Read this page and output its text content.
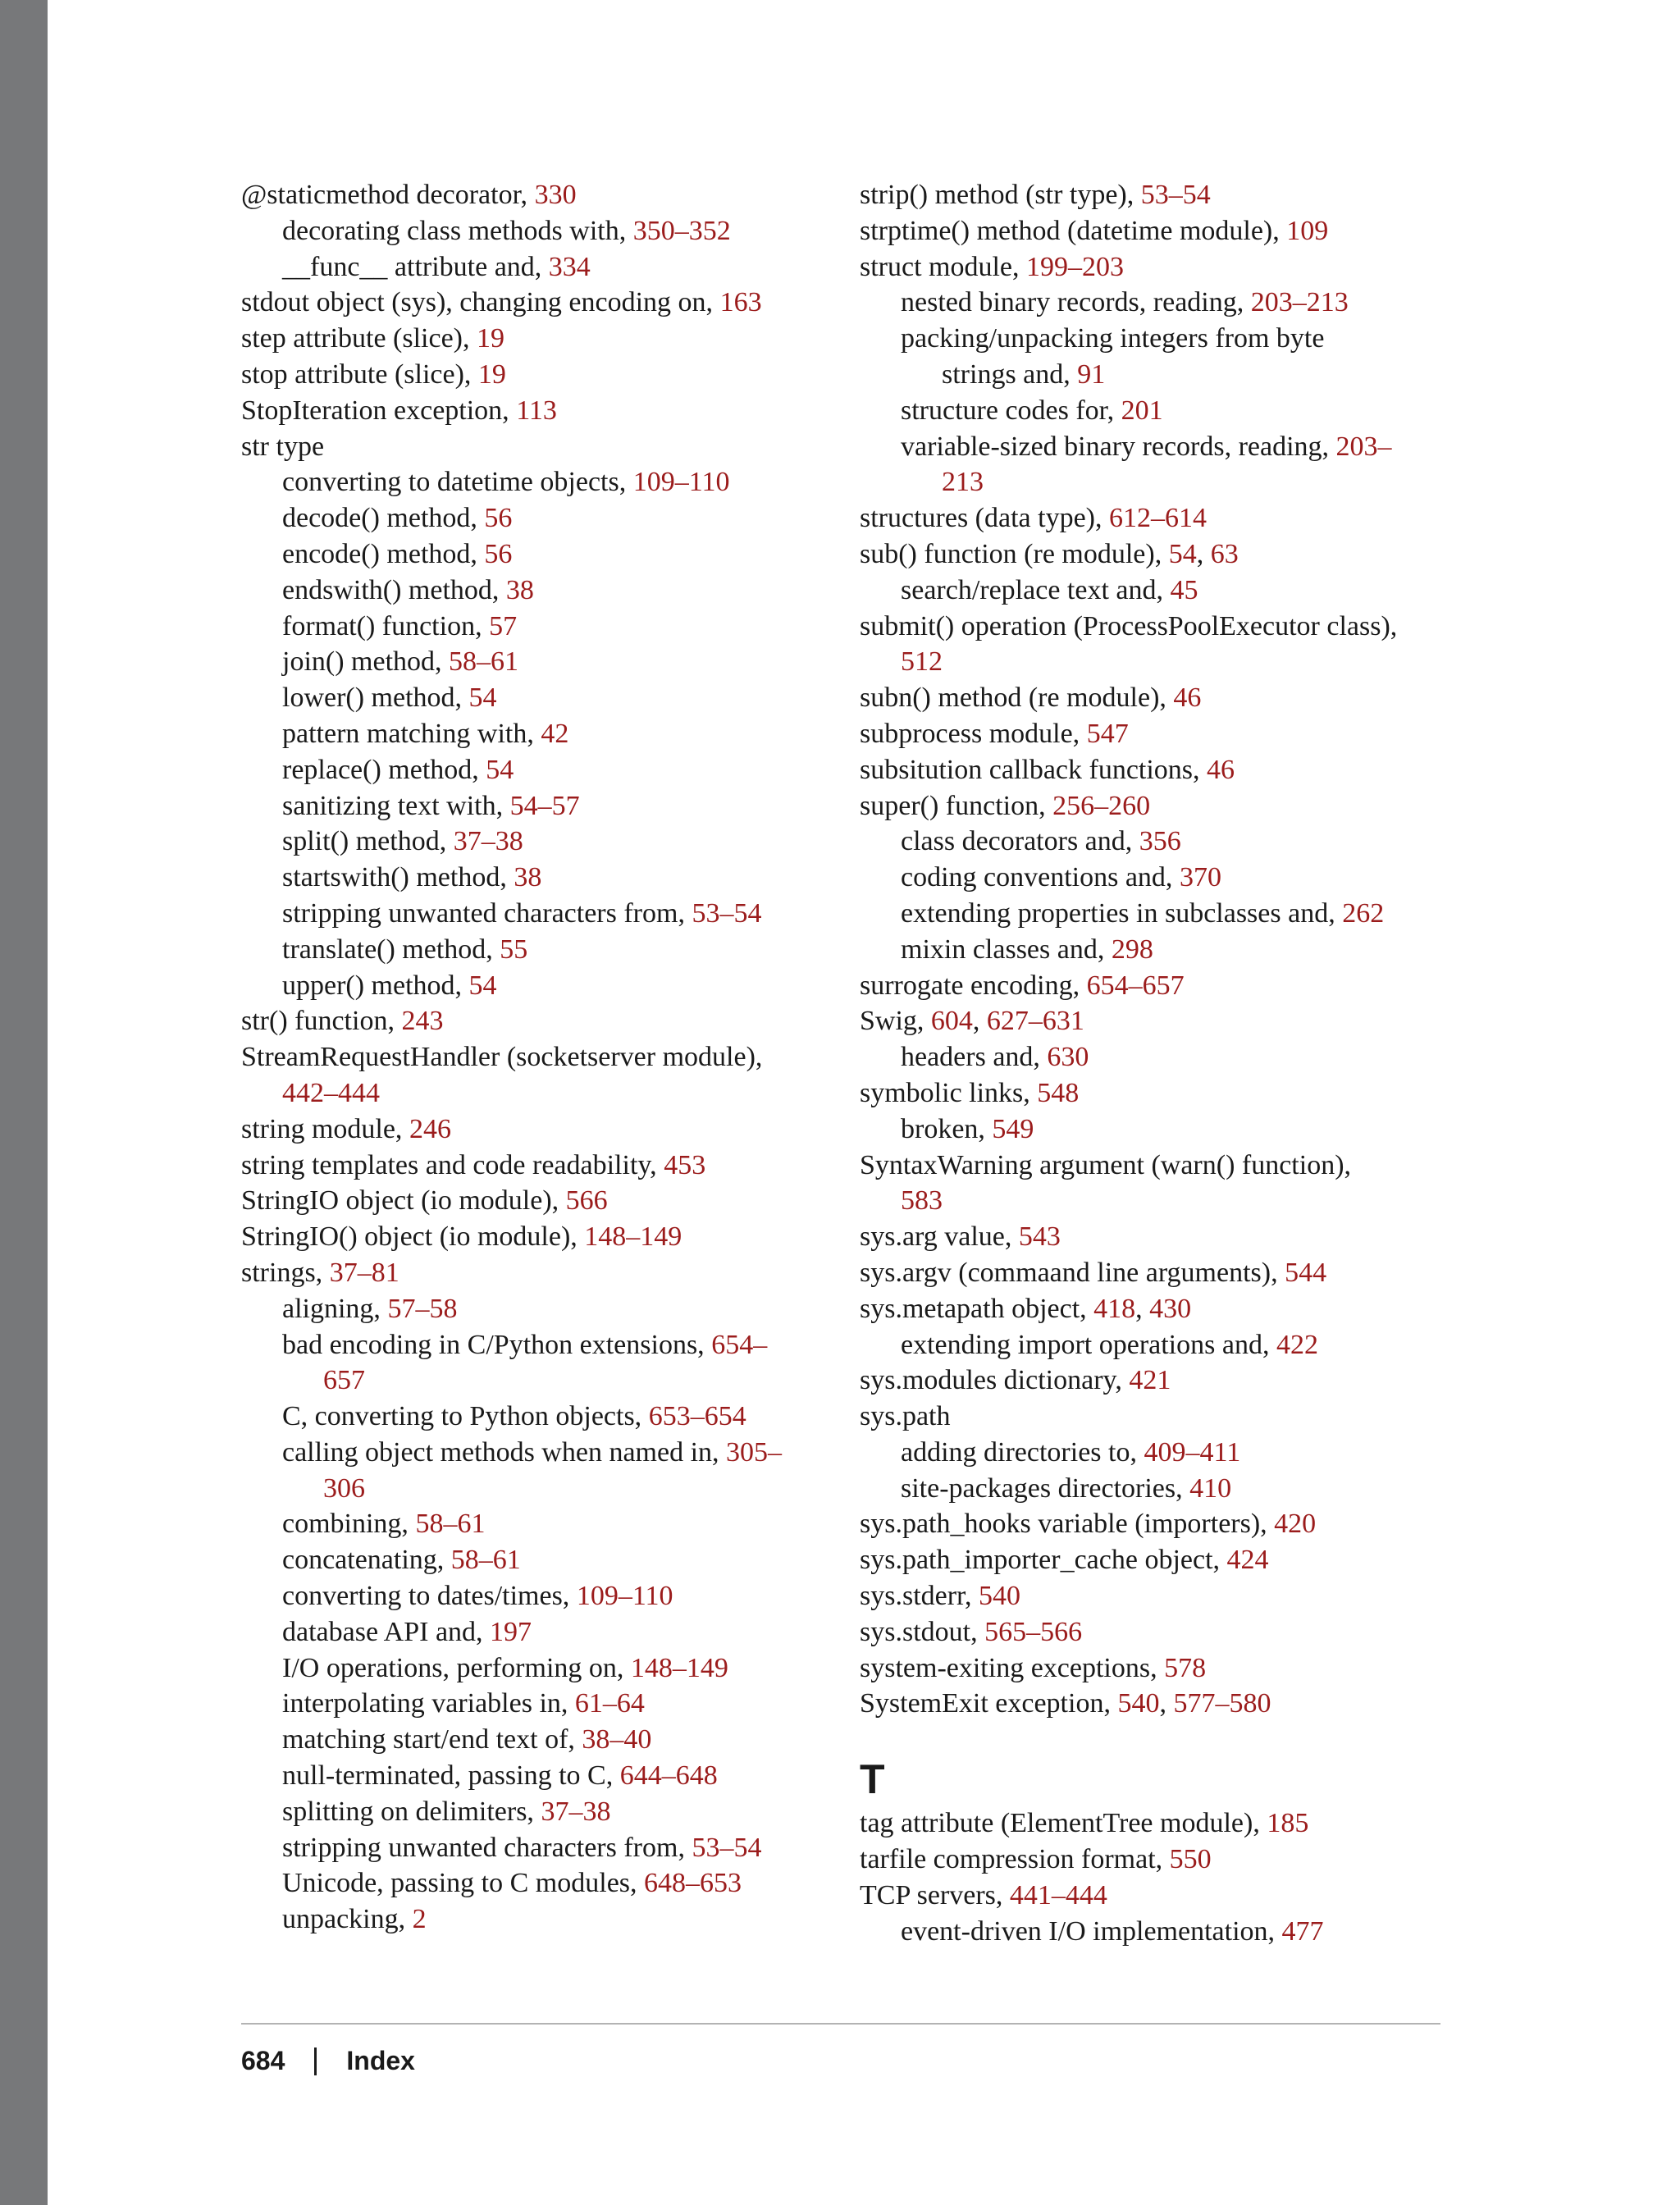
@staticmethod decorator, 330
decorating class methods with, 350–352
__func__ attribute and, 334
stdout object (sys), changing encoding on, 163
step attribute (slice), 19
stop attribute (slice), 19
StopIteration exception, 113
str type
converting to datetime objects, 109–110
decode() method, 56
encode() method, 56
endswith() method, 38
format() function, 57
join() method, 58–61
lower() method, 54
pattern matching with, 42
replace() method, 54
sanitizing text with, 54–57
split() method, 37–38
startswith() method, 38
stripping unwanted characters from, 53–54
translate() method, 55
upper() method, 54
str() function, 243
StreamRequestHandler (socketserver module),
442–444
string module, 246
string templates and code readability, 453
StringIO object (io module), 566
StringIO() object (io module), 148–149
strings, 37–81
aligning, 57–58
bad encoding in C/Python extensions, 654–
657
C, converting to Python objects, 653–654
calling object methods when named in, 305–
306
combining, 58–61
concatenating, 58–61
converting to dates/times, 109–110
database API and, 197
I/O operations, performing on, 148–149
interpolating variables in, 61–64
matching start/end text of, 38–40
null-terminated, passing to C, 644–648
splitting on delimiters, 37–38
stripping unwanted characters from, 53–54
Unicode, passing to C modules, 648–653
unpacking, 2
strip() method (str type), 53–54
strptime() method (datetime module), 109
struct module, 199–203
nested binary records, reading, 203–213
packing/unpacking integers from byte
strings and, 91
structure codes for, 201
variable-sized binary records, reading, 203–
213
structures (data type), 612–614
sub() function (re module), 54, 63
search/replace text and, 45
submit() operation (ProcessPoolExecutor class),
512
subn() method (re module), 46
subprocess module, 547
subsitution callback functions, 46
super() function, 256–260
class decorators and, 356
coding conventions and, 370
extending properties in subclasses and, 262
mixin classes and, 298
surrogate encoding, 654–657
Swig, 604, 627–631
headers and, 630
symbolic links, 548
broken, 549
SyntaxWarning argument (warn() function),
583
sys.arg value, 543
sys.argv (commaand line arguments), 544
sys.metapath object, 418, 430
extending import operations and, 422
sys.modules dictionary, 421
sys.path
adding directories to, 409–411
site-packages directories, 410
sys.path_hooks variable (importers), 420
sys.path_importer_cache object, 424
sys.stderr, 540
sys.stdout, 565–566
system-exiting exceptions, 578
SystemExit exception, 540, 577–580
T
tag attribute (ElementTree module), 185
tarfile compression format, 550
TCP servers, 441–444
event-driven I/O implementation, 477
684 Index
